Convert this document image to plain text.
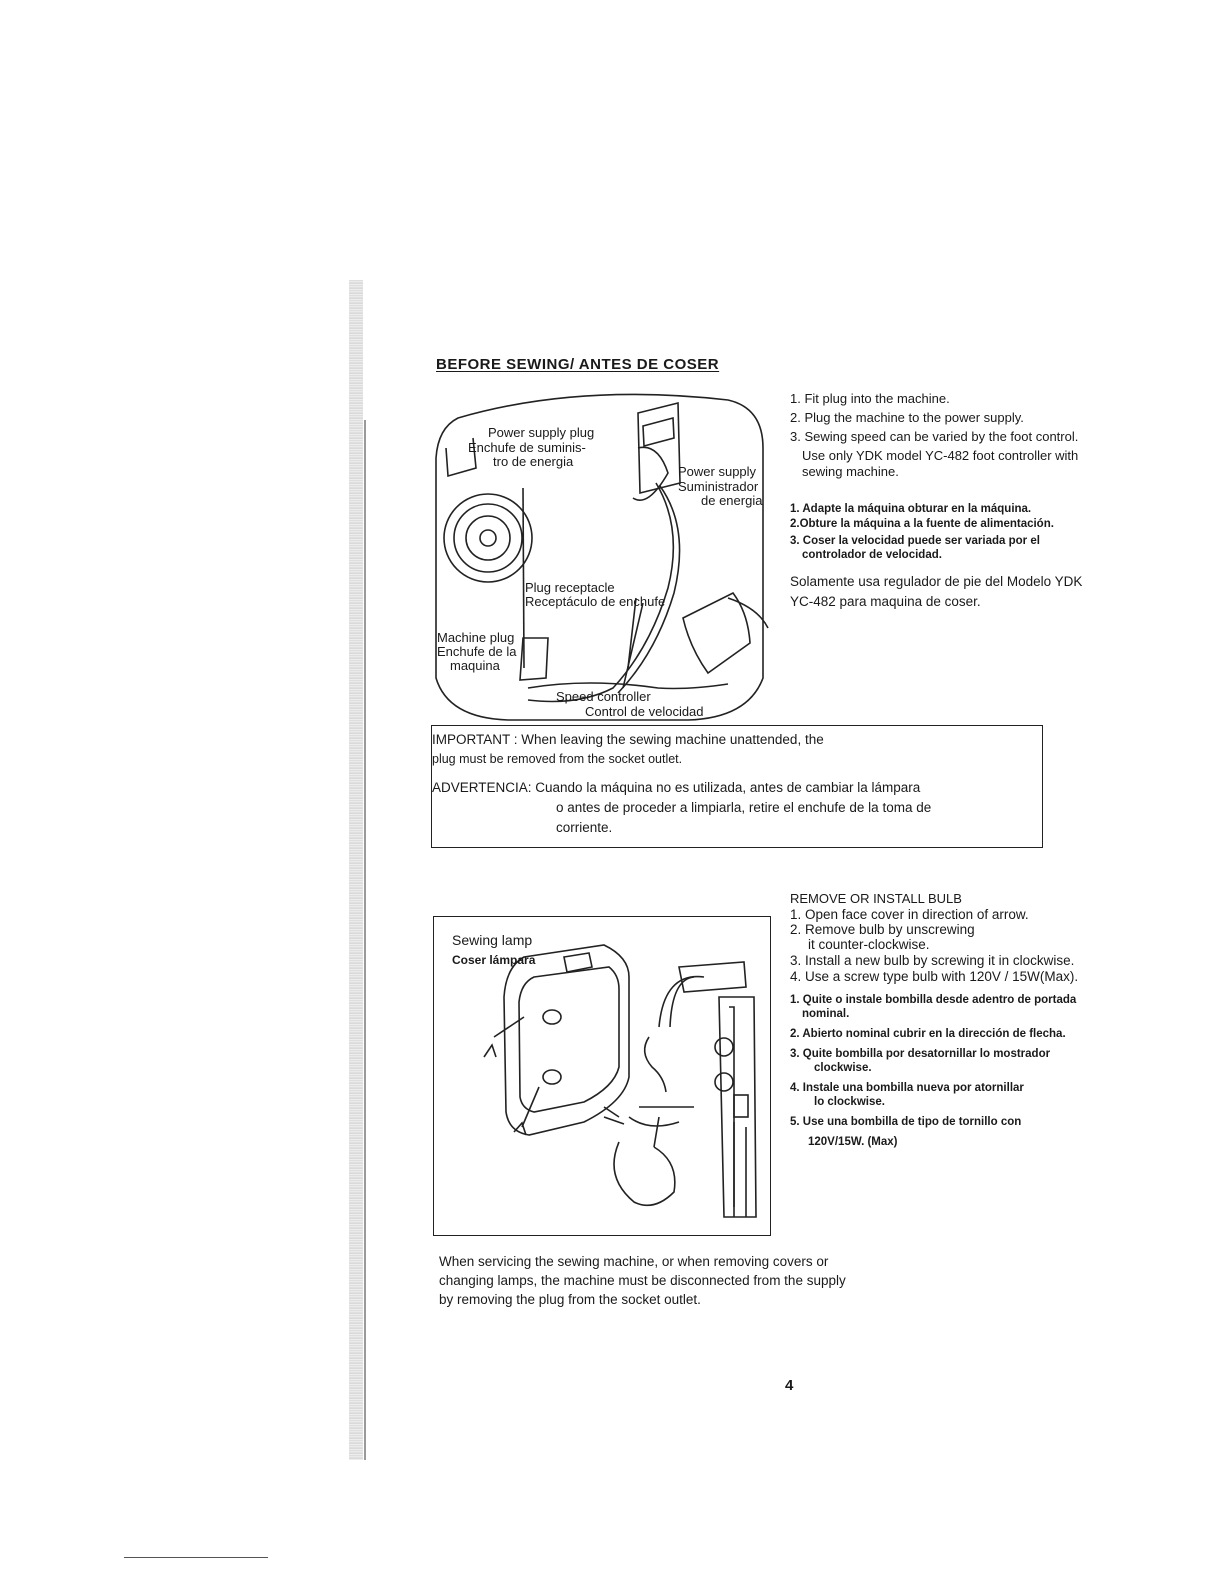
BEFORE SEWING/ ANTES DE COSER
Power supply plug
Enchufe de suminis-
tro de energia
Power supply
Suministrador
de energia
Plug receptacle
Receptáculo de enchufe
Machine plug
Enchufe de la
maquina
Speed controller
Control de velocidad
1. Fit plug into the machine.
2. Plug the machine to the power supply.
3. Sewing speed can be varied by the foot control.
Use only YDK model YC-482 foot controller with
sewing machine.
1. Adapte la máquina obturar en la máquina.
2.Obture la máquina a la fuente de alimentación.
3. Coser la velocidad puede ser variada por el
controlador de velocidad.
Solamente usa regulador de pie del Modelo YDK
YC-482 para maquina de coser.
IMPORTANT : When leaving the sewing machine unattended, the
plug must be removed from the socket outlet.
ADVERTENCIA: Cuando la máquina no es utilizada, antes de cambiar la lámpara
o antes de proceder a limpiarla, retire el enchufe de la toma de
corriente.
Sewing lamp
Coser lámpara
REMOVE OR INSTALL BULB
1. Open face cover in direction of arrow.
2. Remove bulb by unscrewing
it counter-clockwise.
3. Install a new bulb by screwing it in clockwise.
4. Use a screw type bulb with 120V / 15W(Max).
1. Quite o instale bombilla desde adentro de portada
nominal.
2. Abierto nominal cubrir en la dirección de flecha.
3. Quite bombilla por desatornillar lo mostrador
clockwise.
4. Instale una bombilla nueva por atornillar
lo clockwise.
5. Use una bombilla de tipo de tornillo con
120V/15W. (Max)
When servicing the sewing machine, or when removing covers or
changing lamps, the machine must be disconnected from the supply
by removing the plug from the socket outlet.
4
